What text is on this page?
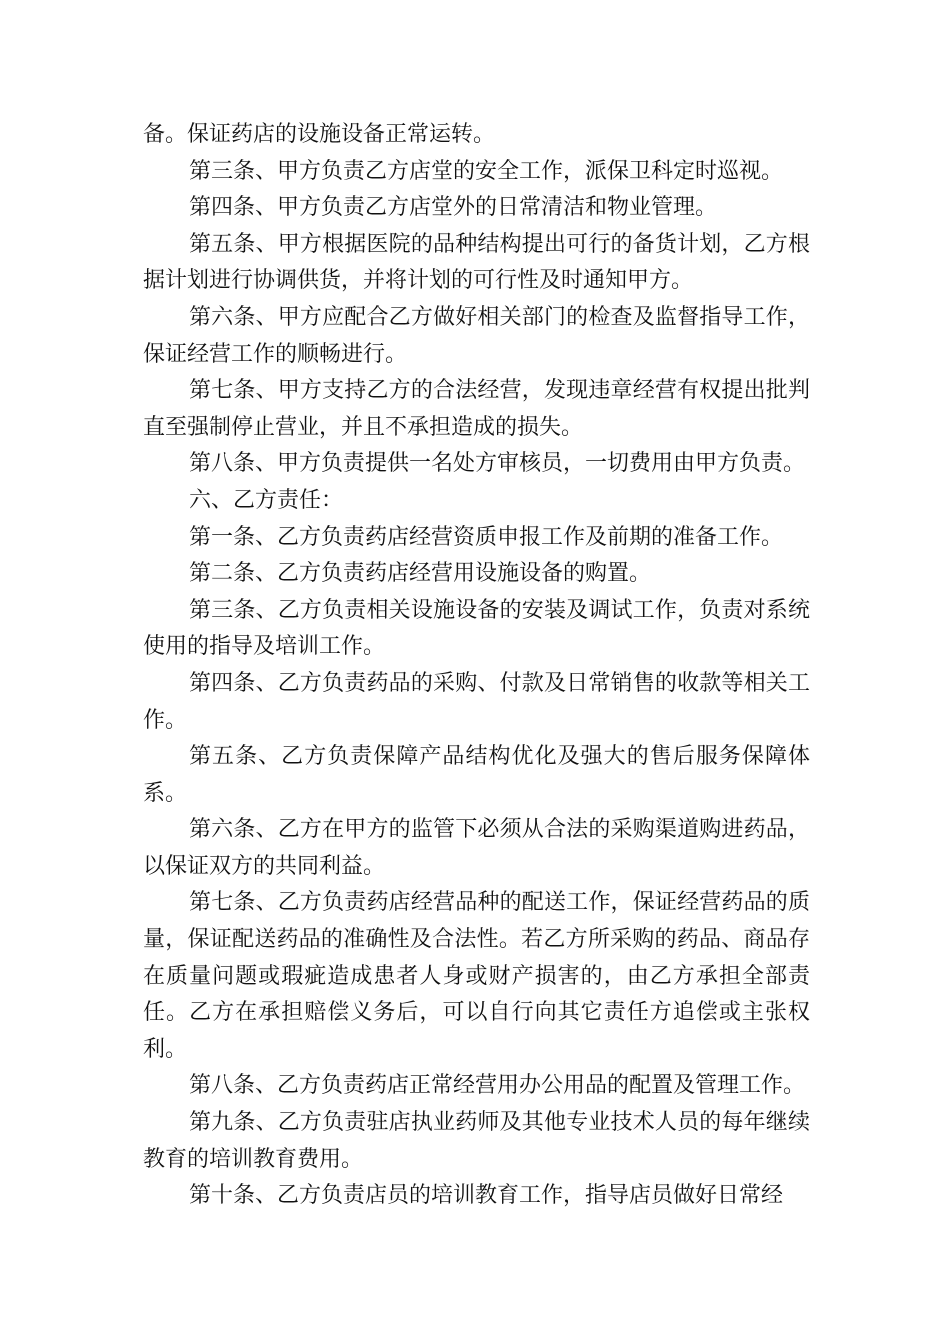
备。保证药店的设施设备正常运转。

第三条、甲方负责乙方店堂的安全工作，派保卫科定时巡视。

第四条、甲方负责乙方店堂外的日常清洁和物业管理。

第五条、甲方根据医院的品种结构提出可行的备货计划，乙方根据计划进行协调供货，并将计划的可行性及时通知甲方。

第六条、甲方应配合乙方做好相关部门的检查及监督指导工作，保证经营工作的顺畅进行。

第七条、甲方支持乙方的合法经营，发现违章经营有权提出批判直至强制停止营业，并且不承担造成的损失。

第八条、甲方负责提供一名处方审核员，一切费用由甲方负责。

六、乙方责任：

第一条、乙方负责药店经营资质申报工作及前期的准备工作。

第二条、乙方负责药店经营用设施设备的购置。

第三条、乙方负责相关设施设备的安装及调试工作，负责对系统使用的指导及培训工作。

第四条、乙方负责药品的采购、付款及日常销售的收款等相关工作。

第五条、乙方负责保障产品结构优化及强大的售后服务保障体系。

第六条、乙方在甲方的监管下必须从合法的采购渠道购进药品，以保证双方的共同利益。

第七条、乙方负责药店经营品种的配送工作，保证经营药品的质量，保证配送药品的准确性及合法性。若乙方所采购的药品、商品存在质量问题或瑕疵造成患者人身或财产损害的，由乙方承担全部责任。乙方在承担赔偿义务后，可以自行向其它责任方追偿或主张权利。

第八条、乙方负责药店正常经营用办公用品的配置及管理工作。

第九条、乙方负责驻店执业药师及其他专业技术人员的每年继续教育的培训教育费用。

第十条、乙方负责店员的培训教育工作，指导店员做好日常经
